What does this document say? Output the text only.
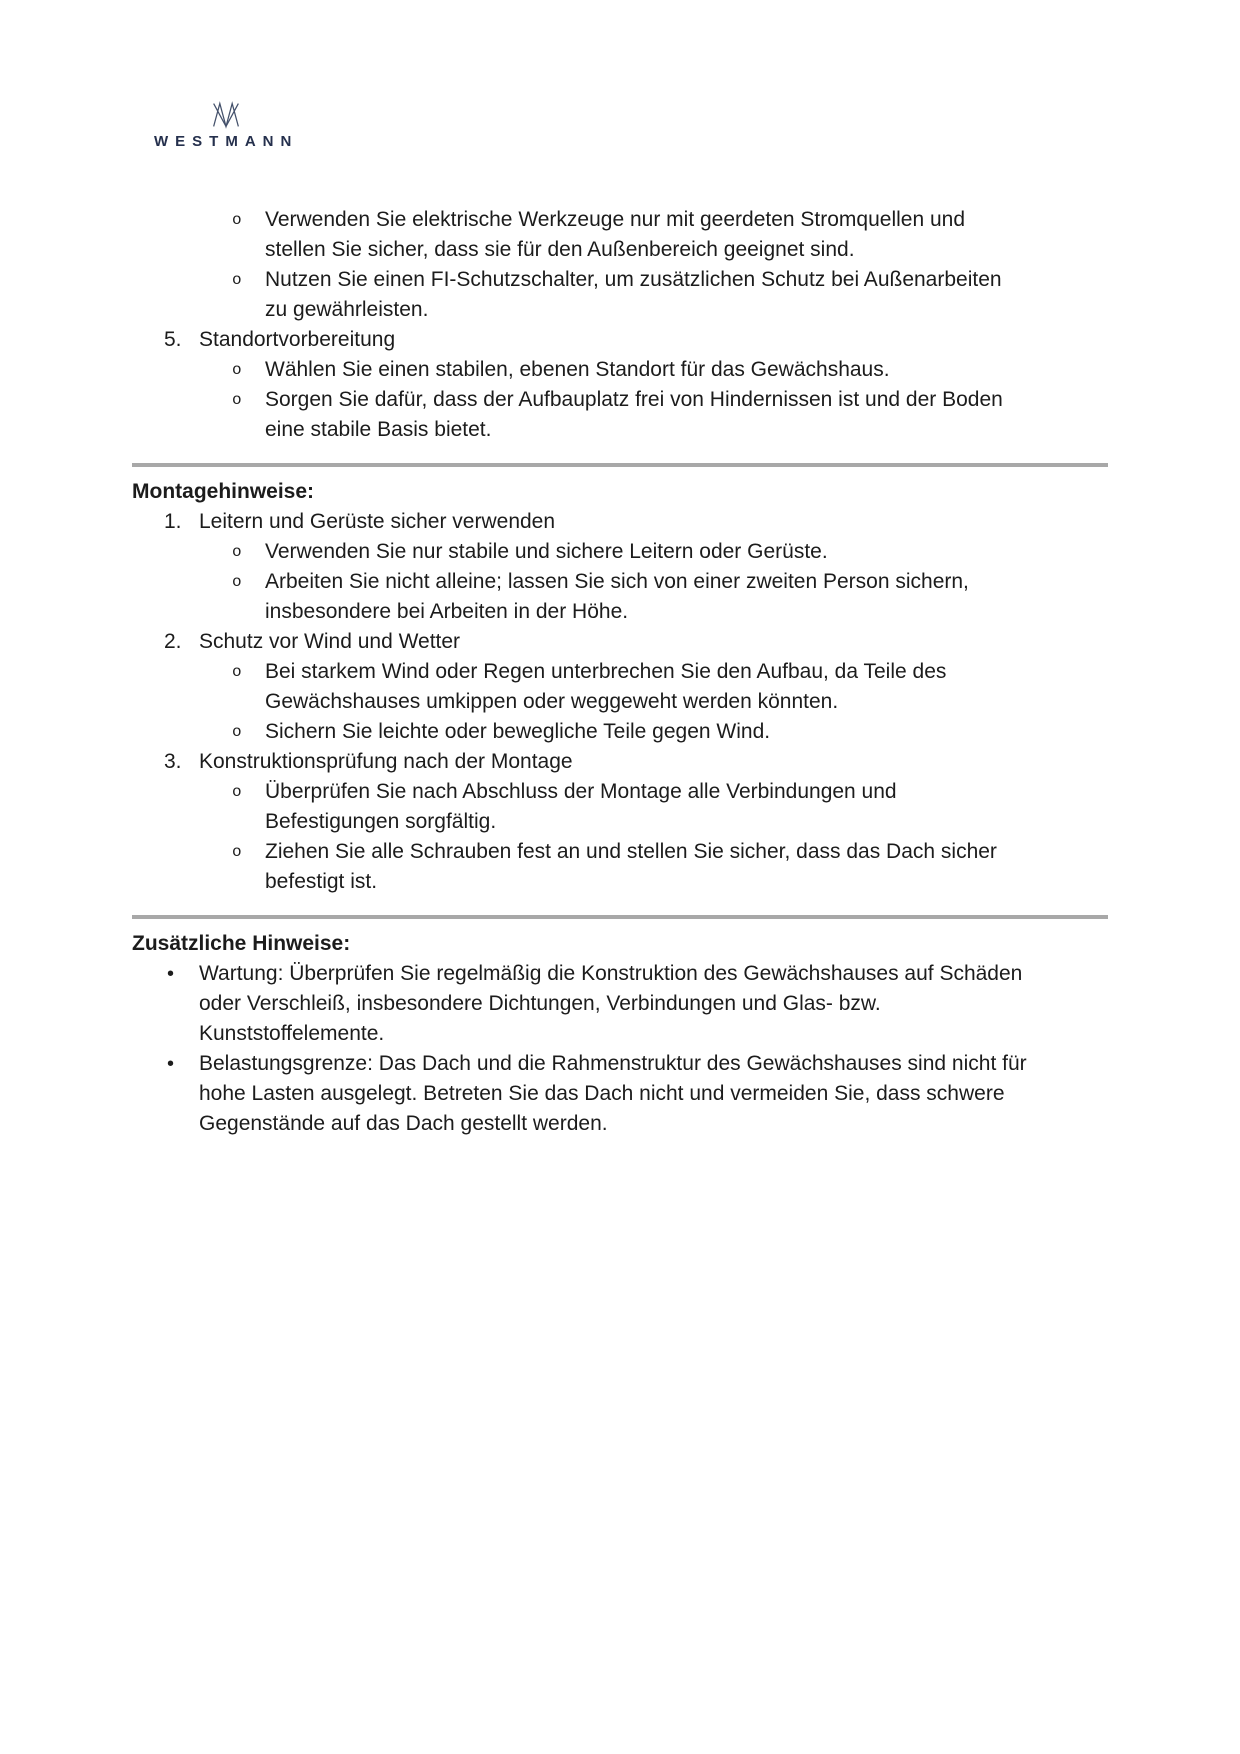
WESTMANN
o	Verwenden Sie elektrische Werkzeuge nur mit geerdeten Stromquellen und stellen Sie sicher, dass sie für den Außenbereich geeignet sind.
o	Nutzen Sie einen FI-Schutzschalter, um zusätzlichen Schutz bei Außenarbeiten zu gewährleisten.
5. Standortvorbereitung
o	Wählen Sie einen stabilen, ebenen Standort für das Gewächshaus.
o	Sorgen Sie dafür, dass der Aufbauplatz frei von Hindernissen ist und der Boden eine stabile Basis bietet.
Montagehinweise:
1. Leitern und Gerüste sicher verwenden
o	Verwenden Sie nur stabile und sichere Leitern oder Gerüste.
o	Arbeiten Sie nicht alleine; lassen Sie sich von einer zweiten Person sichern, insbesondere bei Arbeiten in der Höhe.
2. Schutz vor Wind und Wetter
o	Bei starkem Wind oder Regen unterbrechen Sie den Aufbau, da Teile des Gewächshauses umkippen oder weggeweht werden könnten.
o	Sichern Sie leichte oder bewegliche Teile gegen Wind.
3. Konstruktionsprüfung nach der Montage
o	Überprüfen Sie nach Abschluss der Montage alle Verbindungen und Befestigungen sorgfältig.
o	Ziehen Sie alle Schrauben fest an und stellen Sie sicher, dass das Dach sicher befestigt ist.
Zusätzliche Hinweise:
•	Wartung: Überprüfen Sie regelmäßig die Konstruktion des Gewächshauses auf Schäden oder Verschleiß, insbesondere Dichtungen, Verbindungen und Glas- bzw. Kunststoffelemente.
•	Belastungsgrenze: Das Dach und die Rahmenstruktur des Gewächshauses sind nicht für hohe Lasten ausgelegt. Betreten Sie das Dach nicht und vermeiden Sie, dass schwere Gegenstände auf das Dach gestellt werden.
